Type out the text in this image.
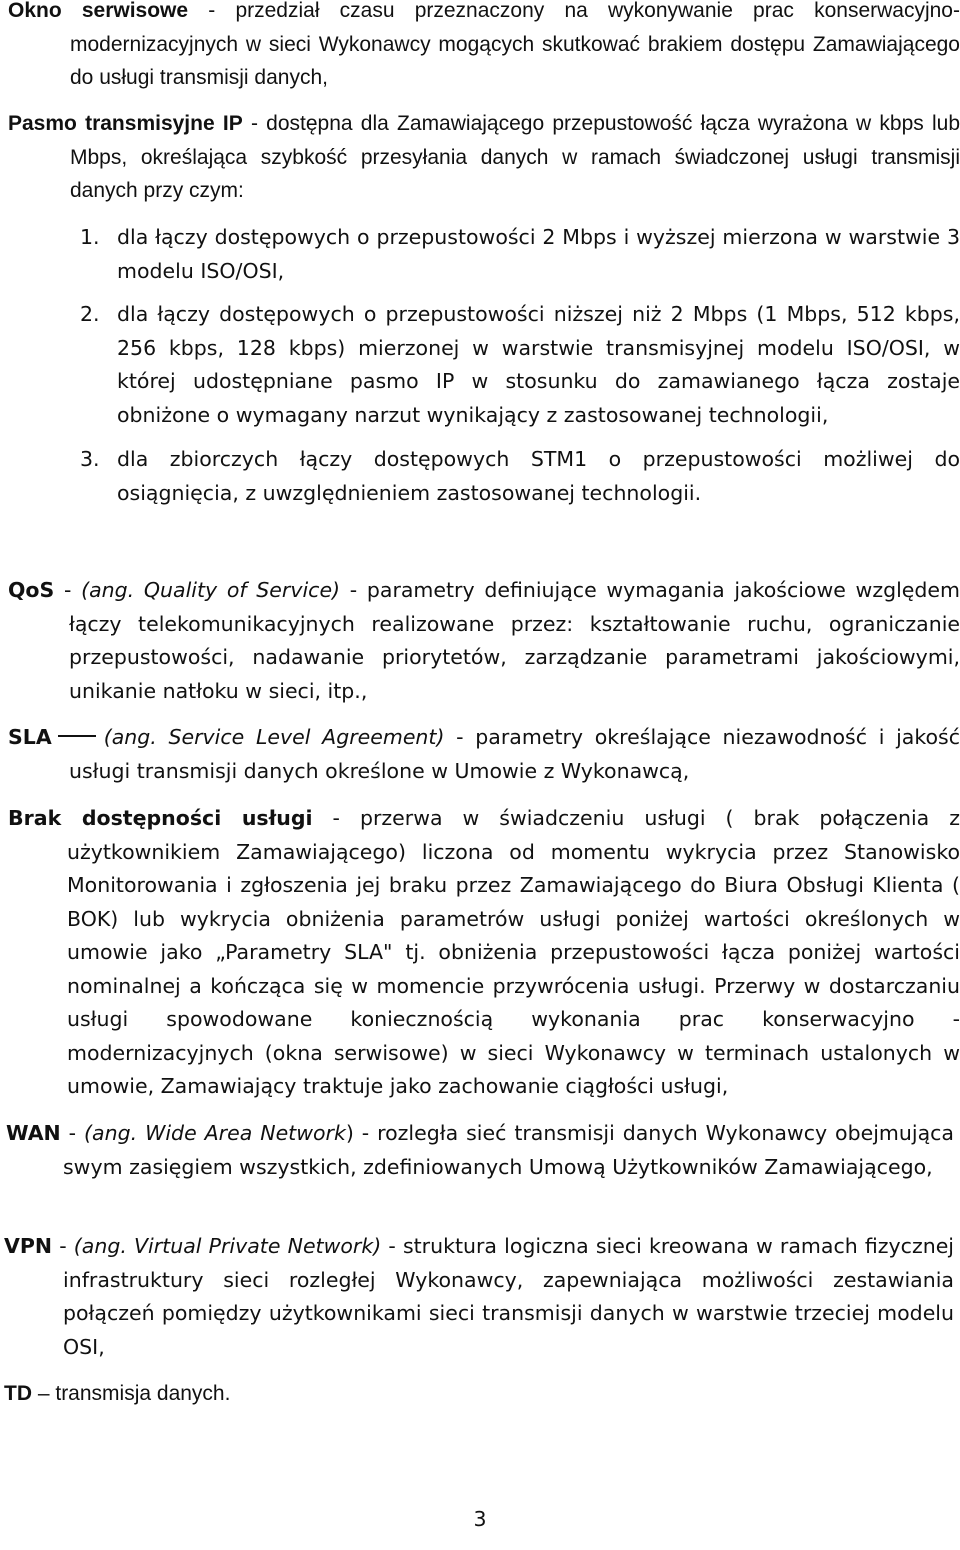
Okno serwisowe - przedział czasu przeznaczony na wykonywanie prac konserwacyjno-modernizacyjnych w sieci Wykonawcy mogących skutkować brakiem dostępu Zamawiającego do usługi transmisji danych,

Pasmo transmisyjne IP - dostępna dla Zamawiającego przepustowość łącza wyrażona w kbps lub Mbps, określająca szybkość przesyłania danych w ramach świadczonej usługi transmisji danych przy czym:

1. dla łączy dostępowych o przepustowości 2 Mbps i wyższej mierzona w warstwie 3 modelu ISO/OSI,
2. dla łączy dostępowych o przepustowości niższej niż 2 Mbps (1 Mbps, 512 kbps, 256 kbps, 128 kbps) mierzonej w warstwie transmisyjnej modelu ISO/OSI, w której udostępniane pasmo IP w stosunku do zamawianego łącza zostaje obniżone o wymagany narzut wynikający z zastosowanej technologii,
3. dla zbiorczych łączy dostępowych STM1 o przepustowości możliwej do osiągnięcia, z uwzględnieniem zastosowanej technologii.

QoS - (ang. Quality of Service) - parametry definiujące wymagania jakościowe względem łączy telekomunikacyjnych realizowane przez: kształtowanie ruchu, ograniczanie przepustowości, nadawanie priorytetów, zarządzanie parametrami jakościowymi, unikanie natłoku w sieci, itp.,

SLA	(ang. Service Level Agreement) - parametry określające niezawodność i jakość usługi transmisji danych określone w Umowie z Wykonawcą,

Brak dostępności usługi - przerwa w świadczeniu usługi ( brak połączenia z użytkownikiem Zamawiającego) liczona od momentu wykrycia przez Stanowisko Monitorowania i zgłoszenia jej braku przez Zamawiającego do Biura Obsługi Klienta ( BOK) lub wykrycia obniżenia parametrów usługi poniżej wartości określonych w umowie jako „Parametry SLA" tj. obniżenia przepustowości łącza poniżej wartości nominalnej a kończąca się w momencie przywrócenia usługi. Przerwy w dostarczaniu usługi spowodowane koniecznością wykonania prac konserwacyjno - modernizacyjnych (okna serwisowe) w sieci Wykonawcy w terminach ustalonych w umowie, Zamawiający traktuje jako zachowanie ciągłości usługi,

WAN - (ang. Wide Area Network) - rozległa sieć transmisji danych Wykonawcy obejmująca swym zasięgiem wszystkich, zdefiniowanych Umową Użytkowników Zamawiającego,

VPN - (ang. Virtual Private Network) - struktura logiczna sieci kreowana w ramach fizycznej infrastruktury sieci rozległej Wykonawcy, zapewniająca możliwości zestawiania połączeń pomiędzy użytkownikami sieci transmisji danych w warstwie trzeciej modelu OSI,

TD – transmisja danych.

3
